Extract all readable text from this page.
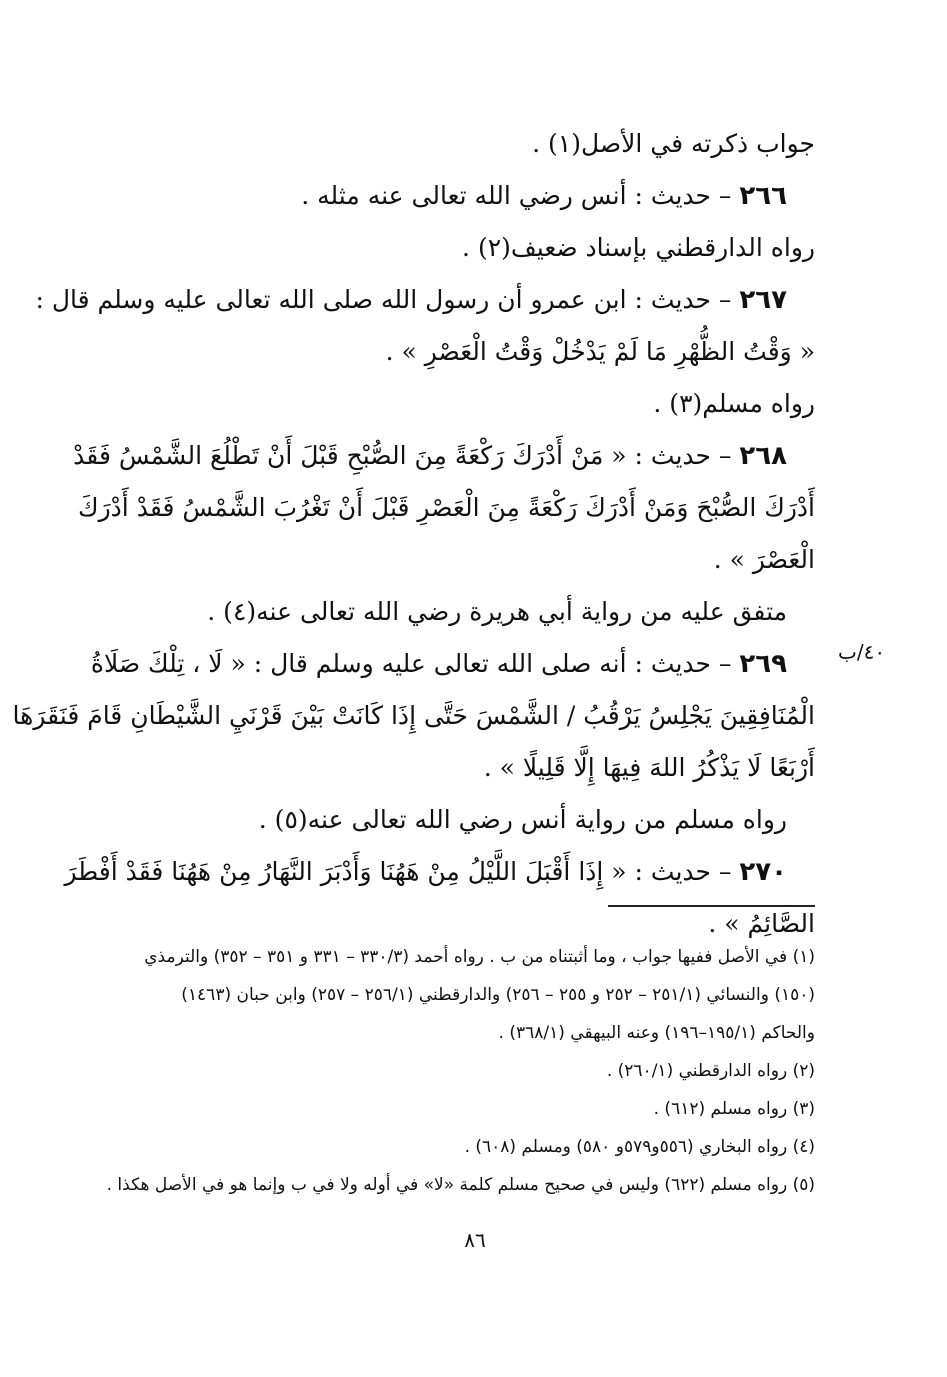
جواب ذكرته في الأصل(١) .
٢٦٦ – حديث : أنس رضي الله تعالى عنه مثله .
رواه الدارقطني بإسناد ضعيف(٢) .
٢٦٧ – حديث : ابن عمرو أن رسول الله صلى الله تعالى عليه وسلم قال :
« وَقْتُ الظُّهْرِ مَا لَمْ يَدْخُلْ وَقْتُ الْعَصْرِ » .
رواه مسلم(٣) .
٢٦٨ – حديث : « مَنْ أَدْرَكَ رَكْعَةً مِنَ الصُّبْحِ قَبْلَ أَنْ تَطْلُعَ الشَّمْسُ فَقَدْ
أَدْرَكَ الصُّبْحَ وَمَنْ أَدْرَكَ رَكْعَةً مِنَ الْعَصْرِ قَبْلَ أَنْ تَغْرُبَ الشَّمْسُ فَقَدْ أَدْرَكَ
الْعَصْرَ » .
متفق عليه من رواية أبي هريرة رضي الله تعالى عنه(٤) .
٢٦٩ – حديث : أنه صلى الله تعالى عليه وسلم قال : « لَا ، تِلْكَ صَلَاةُ
الْمُنَافِقِينَ يَجْلِسُ يَرْقُبُ / الشَّمْسَ حَتَّى إِذَا كَانَتْ بَيْنَ قَرْنَيِ الشَّيْطَانِ قَامَ فَنَقَرَهَا
أَرْبَعًا لَا يَذْكُرُ اللهَ فِيهَا إِلَّا قَلِيلًا » .
رواه مسلم من رواية أنس رضي الله تعالى عنه(٥) .
٢٧٠ – حديث : « إِذَا أَقْبَلَ اللَّيْلُ مِنْ هَهُنَا وَأَدْبَرَ النَّهَارُ مِنْ هَهُنَا فَقَدْ أَفْطَرَ
الصَّائِمُ » .
٤٠/ب
(١) في الأصل ففيها جواب ، وما أثبتناه من ب . رواه أحمد (٣٣٠/٣ – ٣٣١ و ٣٥١ – ٣٥٢) والترمذي
(١٥٠) والنسائي (٢٥١/١ – ٢٥٢ و ٢٥٥ – ٢٥٦) والدارقطني (٢٥٦/١ – ٢٥٧) وابن حبان (١٤٦٣)
والحاكم (١٩٥/١–١٩٦) وعنه البيهقي (٣٦٨/١) .
(٢) رواه الدارقطني (٢٦٠/١) .
(٣) رواه مسلم (٦١٢) .
(٤) رواه البخاري (٥٥٦و٥٧٩و ٥٨٠) ومسلم (٦٠٨) .
(٥) رواه مسلم (٦٢٢) وليس في صحيح مسلم كلمة «لا» في أوله ولا في ب وإنما هو في الأصل هكذا .
٨٦
